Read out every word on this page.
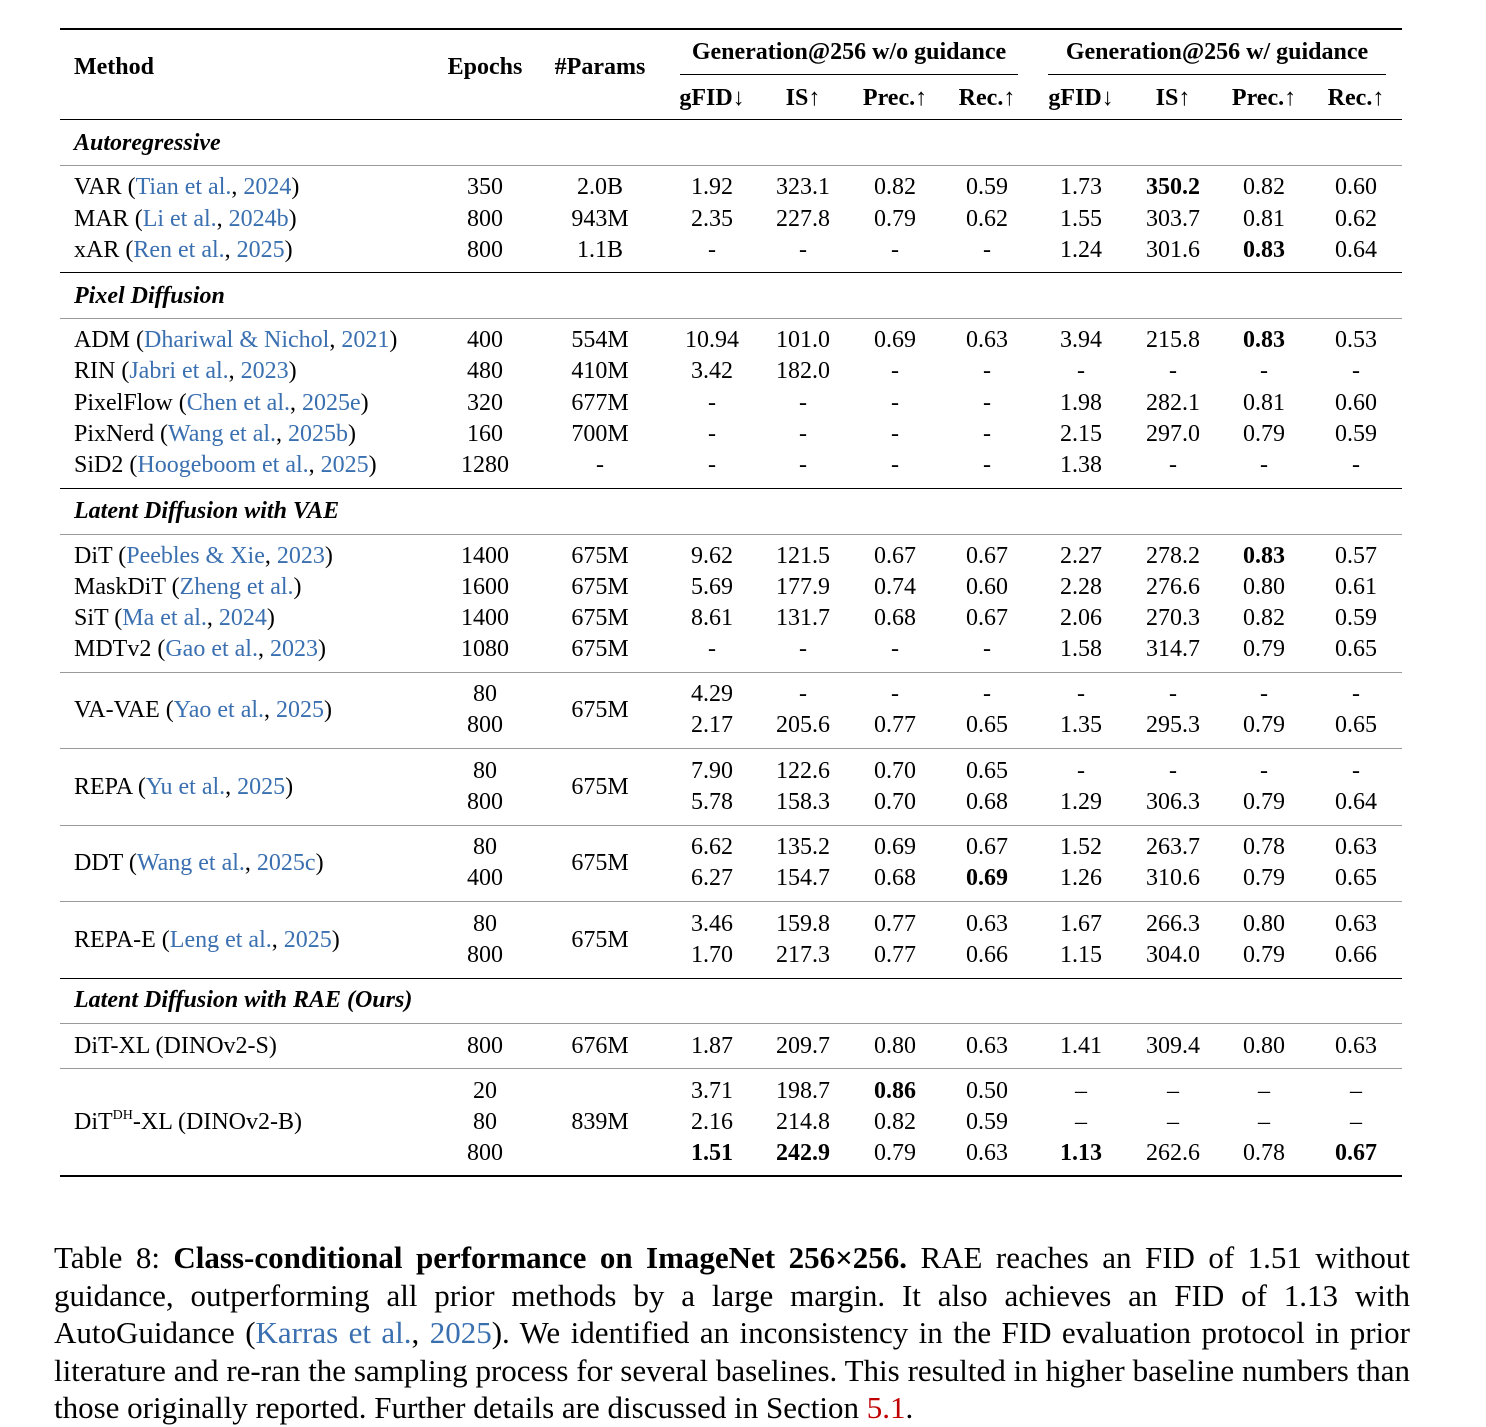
Table 8: Class-conditional performance on ImageNet 256×256. RAE reaches an FID of 1.51 without guidance, outperforming all prior methods by a large margin. It also achieves an FID of 1.13 with AutoGuidance (Karras et al., 2025). We identified an inconsistency in the FID evaluation protocol in prior literature and re-ran the sampling process for several baselines. This resulted in higher baseline numbers than those originally reported. Further details are discussed in Section 5.1.

Method	Epochs #Params
Generation@256 w/o guidance Generation@256 w/ guidance
gFID↓ IS↑ Prec.↑ Rec.↑ gFID↓ IS↑ Prec.↑ Rec.↑
Autoregressive
VAR (Tian et al., 2024)	350	2.0B	1.92 323.1 0.82 0.59 1.73 350.2 0.82 0.60
MAR (Li et al., 2024b)	800	943M	2.35 227.8 0.79 0.62 1.55 303.7 0.81 0.62
xAR (Ren et al., 2025)	800	1.1B	-	-	-	-	1.24 301.6 0.83 0.64
Pixel Diffusion
ADM (Dhariwal & Nichol, 2021)	400	554M 10.94 101.0 0.69 0.63 3.94 215.8 0.83 0.53
RIN (Jabri et al., 2023)	480	410M	3.42 182.0	-	-	-	-	-	-
PixelFlow (Chen et al., 2025e)	320	677M	-	-	-	-	1.98 282.1 0.81 0.60
PixNerd (Wang et al., 2025b)	160	700M	-	-	-	-	2.15 297.0 0.79 0.59
SiD2 (Hoogeboom et al., 2025)	1280	-	-	-	-	-	1.38	-	-	-
Latent Diffusion with VAE
DiT (Peebles & Xie, 2023)	1400	675M	9.62 121.5 0.67 0.67 2.27 278.2 0.83 0.57
MaskDiT (Zheng et al.)	1600	675M	5.69 177.9 0.74 0.60 2.28 276.6 0.80 0.61
SiT (Ma et al., 2024)	1400	675M	8.61 131.7 0.68 0.67 2.06 270.3 0.82 0.59
MDTv2 (Gao et al., 2023)	1080	675M	-	-	-	-	1.58 314.7 0.79 0.65
VA-VAE (Yao et al., 2025)	675M
80	4.29	-	-	-	-	-	-	-
800	2.17 205.6 0.77 0.65 1.35 295.3 0.79 0.65
REPA (Yu et al., 2025)	675M
80	7.90 122.6 0.70 0.65	-	-	-	-
800	5.78 158.3 0.70 0.68 1.29 306.3 0.79 0.64
DDT (Wang et al., 2025c)	675M
80	6.62 135.2 0.69 0.67 1.52 263.7 0.78 0.63
400	6.27 154.7 0.68 0.69 1.26 310.6 0.79 0.65
REPA-E (Leng et al., 2025)	675M
80	3.46 159.8 0.77 0.63 1.67 266.3 0.80 0.63
800	1.70 217.3 0.77 0.66 1.15 304.0 0.79 0.66
Latent Diffusion with RAE (Ours)
DiT-XL (DINOv2-S)	800	676M	1.87 209.7 0.80 0.63 1.41 309.4 0.80 0.63
DiT$^{DH}$-XL (DINOv2-B)	839M
20	3.71 198.7 0.86 0.50	–	–	–	–
80	2.16 214.8 0.82 0.59	–	–	–	–
800	1.51 242.9 0.79 0.63 1.13 262.6 0.78 0.67
